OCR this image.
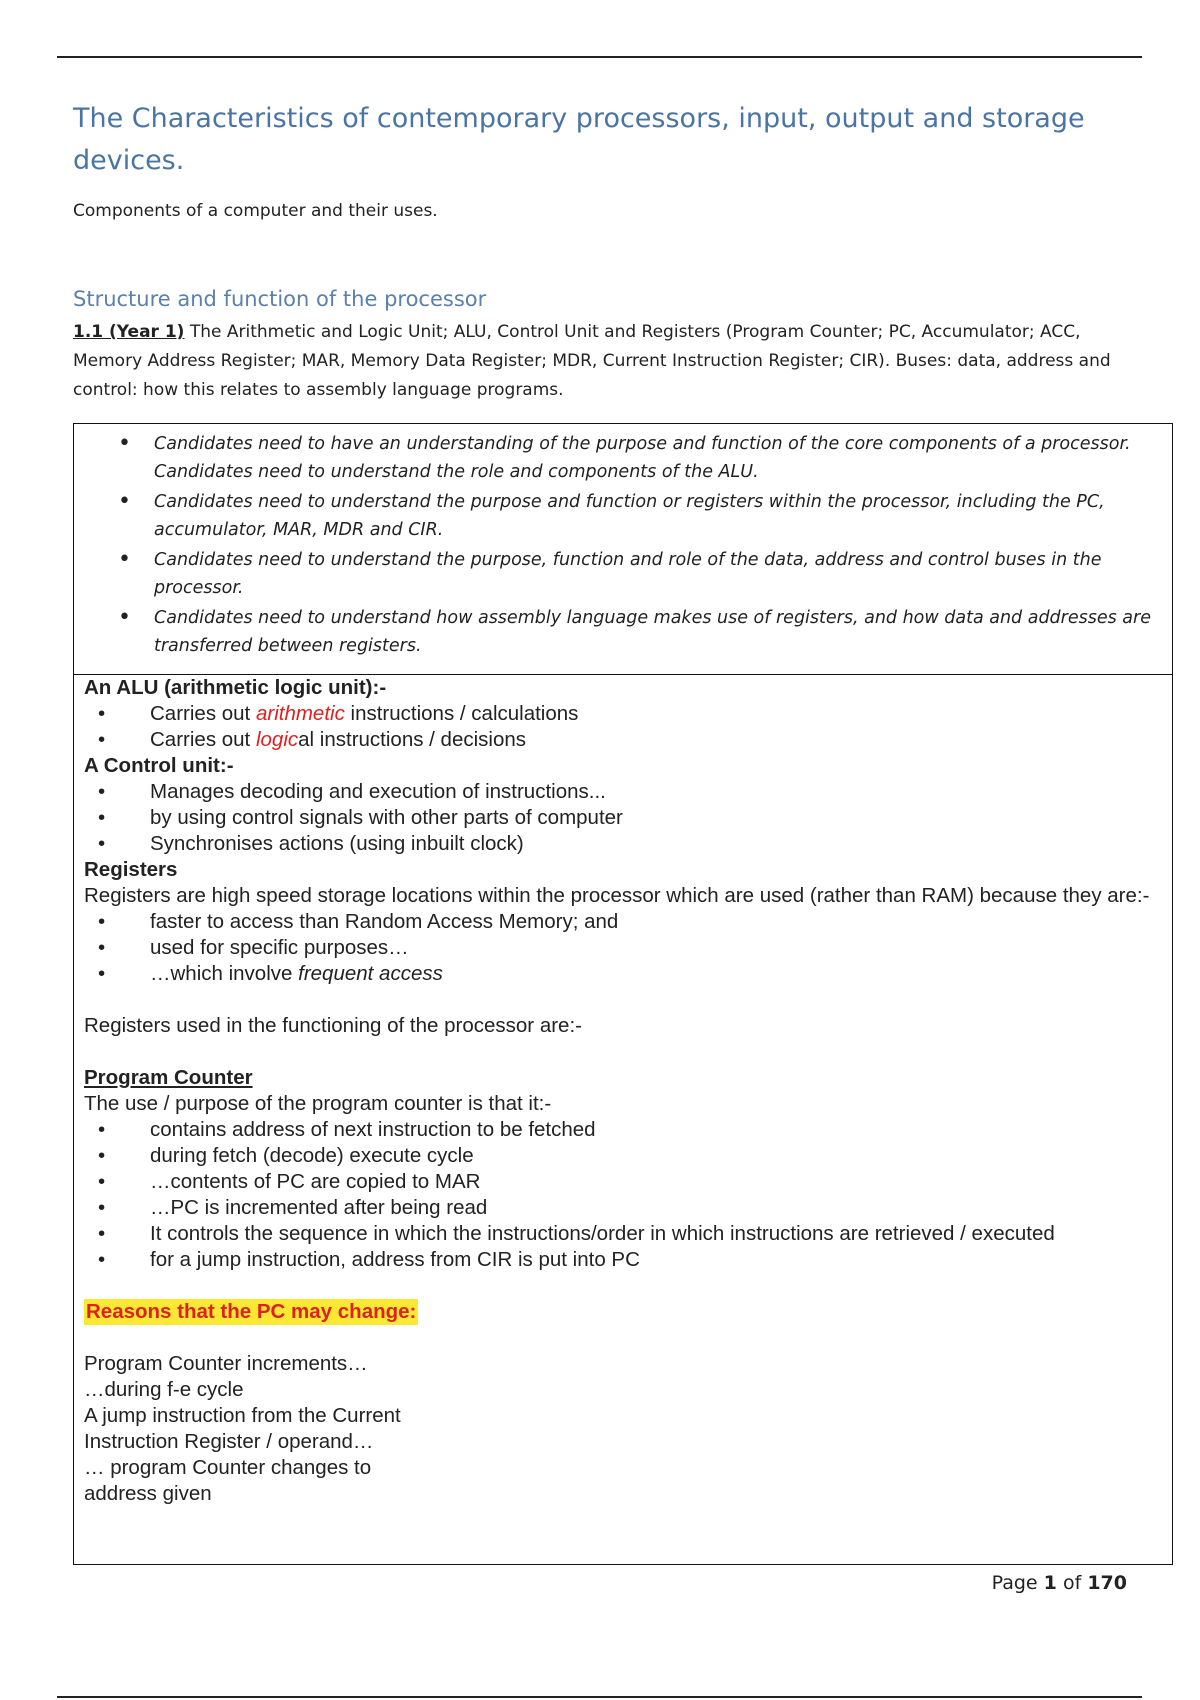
The Characteristics of contemporary processors, input, output and storage devices.

Components of a computer and their uses.

Structure and function of the processor

1.1 (Year 1) The Arithmetic and Logic Unit; ALU, Control Unit and Registers (Program Counter; PC, Accumulator; ACC, Memory Address Register; MAR, Memory Data Register; MDR, Current Instruction Register; CIR). Buses: data, address and control: how this relates to assembly language programs.

• Candidates need to have an understanding of the purpose and function of the core components of a processor. Candidates need to understand the role and components of the ALU.
• Candidates need to understand the purpose and function or registers within the processor, including the PC, accumulator, MAR, MDR and CIR.
• Candidates need to understand the purpose, function and role of the data, address and control buses in the processor.
• Candidates need to understand how assembly language makes use of registers, and how data and addresses are transferred between registers.
An ALU (arithmetic logic unit):-
• Carries out arithmetic instructions / calculations
• Carries out logical instructions / decisions
A Control unit:-
• Manages decoding and execution of instructions...
• by using control signals with other parts of computer
• Synchronises actions (using inbuilt clock)
Registers
Registers are high speed storage locations within the processor which are used (rather than RAM) because they are:-
• faster to access than Random Access Memory; and
• used for specific purposes…
• …which involve frequent access
Registers used in the functioning of the processor are:-
Program Counter
The use / purpose of the program counter is that it:-
• contains address of next instruction to be fetched
• during fetch (decode) execute cycle
• …contents of PC are copied to MAR
• …PC is incremented after being read
• It controls the sequence in which the instructions/order in which instructions are retrieved / executed
• for a jump instruction, address from CIR is put into PC
Reasons that the PC may change:
Program Counter increments…
…during f-e cycle
A jump instruction from the Current
Instruction Register / operand…
… program Counter changes to
address given
Page 1 of 170
